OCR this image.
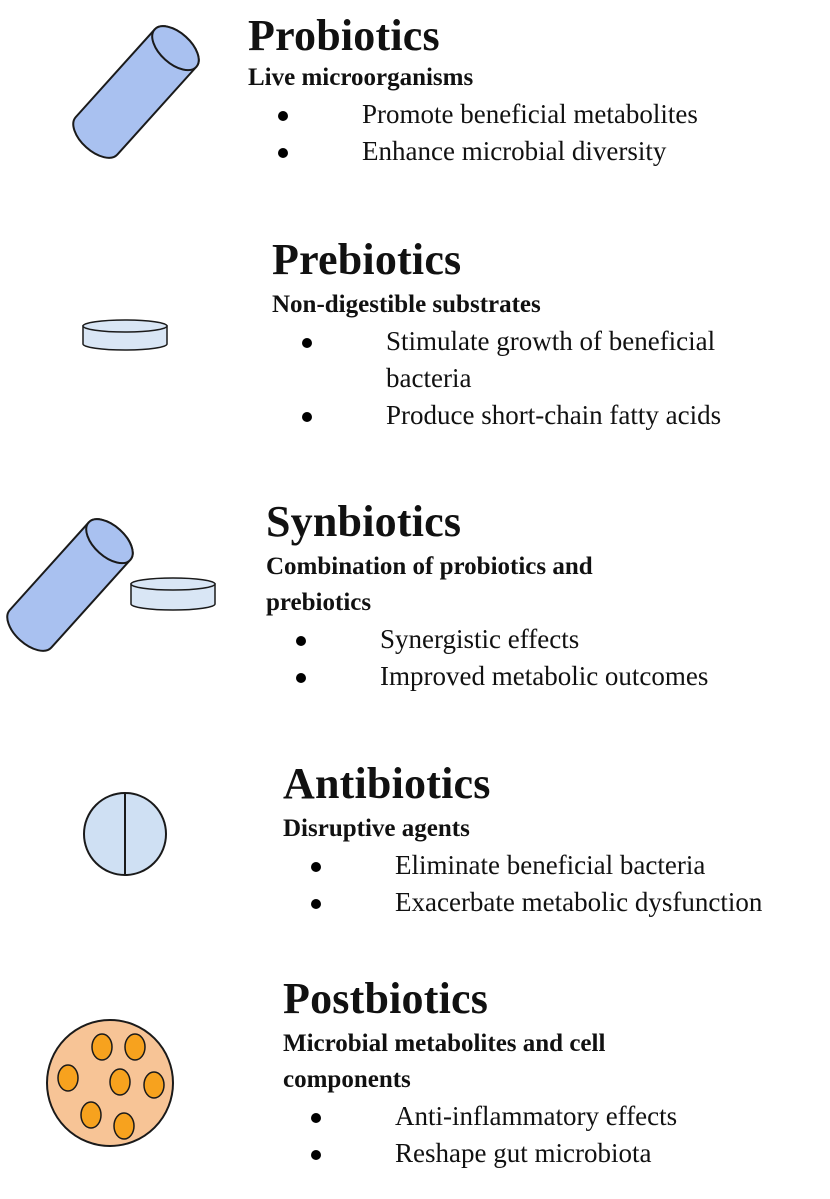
Probiotics
Live microorganisms
Promote beneficial metabolites
Enhance microbial diversity
Prebiotics
Non-digestible substrates
Stimulate growth of beneficial
bacteria
Produce short-chain fatty acids
Synbiotics
Combination of probiotics and
prebiotics
Synergistic effects
Improved metabolic outcomes
Antibiotics
Disruptive agents
Eliminate beneficial bacteria
Exacerbate metabolic dysfunction
Postbiotics
Microbial metabolites and cell
components
Anti-inflammatory effects
Reshape gut microbiota
